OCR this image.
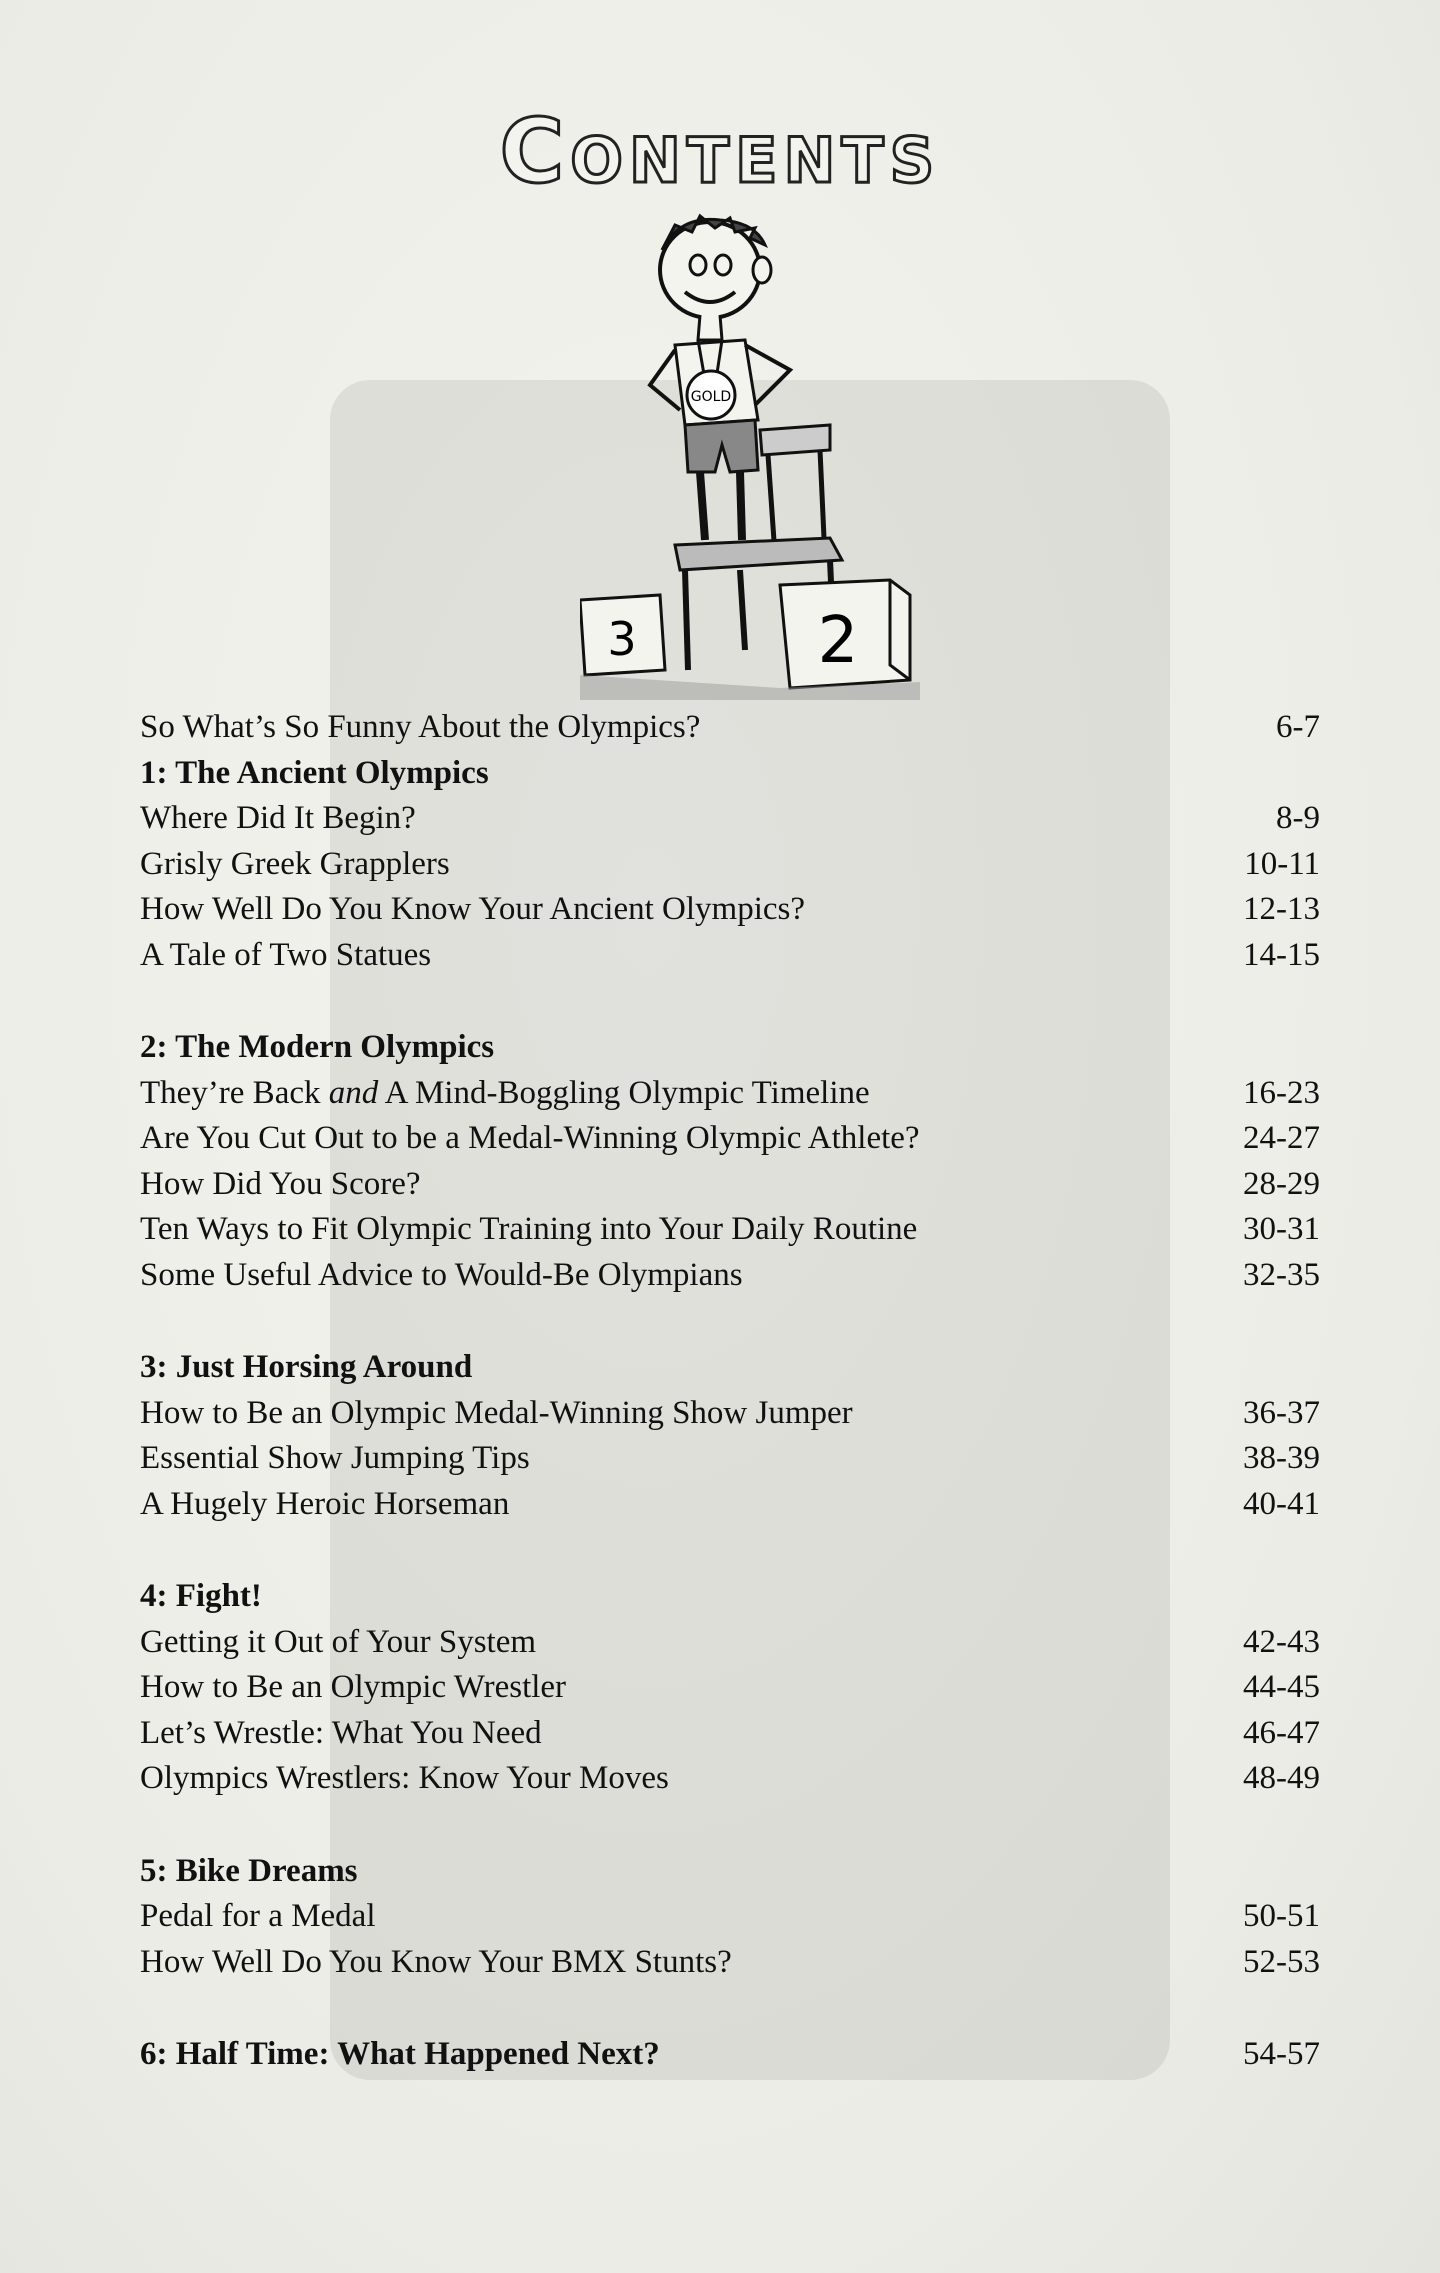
Contents
GOLD
3	2
So What’s So Funny About the Olympics?	6-7
1: The Ancient Olympics
Where Did It Begin?	8-9
Grisly Greek Grapplers	10-11
How Well Do You Know Your Ancient Olympics?	12-13
A Tale of Two Statues	14-15
2: The Modern Olympics
They’re Back and A Mind-Boggling Olympic Timeline	16-23
Are You Cut Out to be a Medal-Winning Olympic Athlete?	24-27
How Did You Score?	28-29
Ten Ways to Fit Olympic Training into Your Daily Routine	30-31
Some Useful Advice to Would-Be Olympians	32-35
3: Just Horsing Around
How to Be an Olympic Medal-Winning Show Jumper	36-37
Essential Show Jumping Tips	38-39
A Hugely Heroic Horseman	40-41
4: Fight!
Getting it Out of Your System	42-43
How to Be an Olympic Wrestler	44-45
Let’s Wrestle: What You Need	46-47
Olympics Wrestlers: Know Your Moves	48-49
5: Bike Dreams
Pedal for a Medal	50-51
How Well Do You Know Your BMX Stunts?	52-53
6: Half Time: What Happened Next?	54-57
